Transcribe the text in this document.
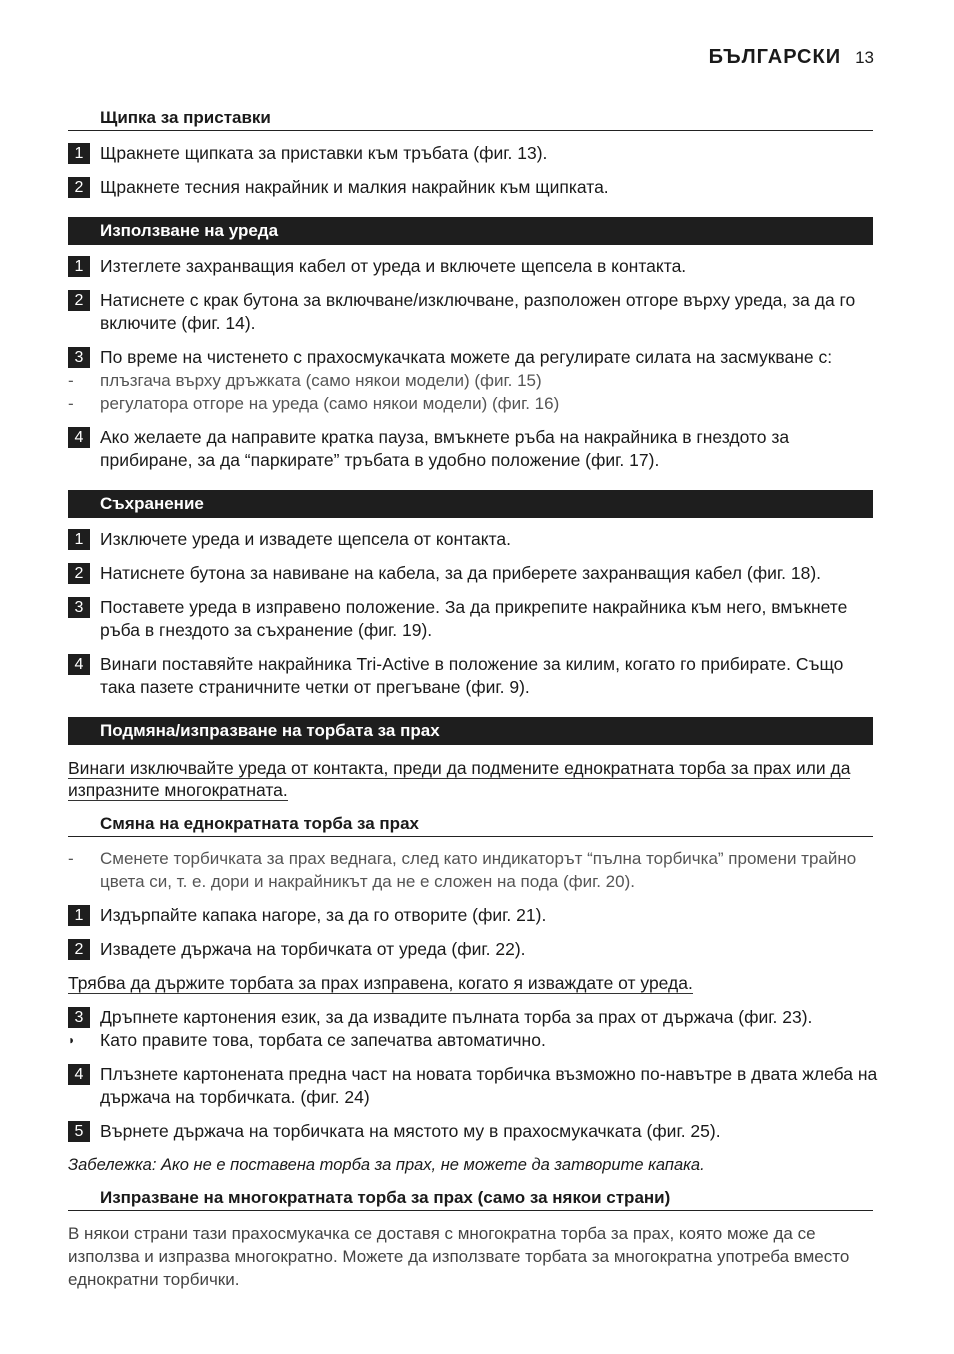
БЪЛГАРСКИ 13
Щипка за приставки
1 Щракнете щипката за приставки към тръбата (фиг. 13).
2 Щракнете тесния накрайник и малкия накрайник към щипката.
Използване на уреда
1 Изтеглете захранващия кабел от уреда и включете щепсела в контакта.
2 Натиснете с крак бутона за включване/изключване, разположен отгоре върху уреда, за да го включите (фиг. 14).
3 По време на чистенето с прахосмукачката можете да регулирате силата на засмукване с:
-	плъзгача върху дръжката (само някои модели) (фиг. 15)
-	регулатора отгоре на уреда (само някои модели) (фиг. 16)
4 Ако желаете да направите кратка пауза, вмъкнете ръба на накрайника в гнездото за прибиране, за да “паркирате” тръбата в удобно положение (фиг. 17).
Съхранение
1 Изключете уреда и извадете щепсела от контакта.
2 Натиснете бутона за навиване на кабела, за да приберете захранващия кабел (фиг. 18).
3 Поставете уреда в изправено положение. За да прикрепите накрайника към него, вмъкнете ръба в гнездото за съхранение (фиг. 19).
4 Винаги поставяйте накрайника Tri-Active в положение за килим, когато го прибирате. Също така пазете страничните четки от прегъване (фиг. 9).
Подмяна/изпразване на торбата за прах
Винаги изключвайте уреда от контакта, преди да подмените еднократната торба за прах или да изпразните многократната.
Смяна на еднократната торба за прах
-	Сменете торбичката за прах веднага, след като индикаторът “пълна торбичка” промени трайно цвета си, т. е. дори и накрайникът да не е сложен на пода (фиг. 20).
1 Издърпайте капака нагоре, за да го отворите (фиг. 21).
2 Извадете държача на торбичката от уреда (фиг. 22).
Трябва да държите торбата за прах изправена, когато я изваждате от уреда.
3 Дръпнете картонения език, за да извадите пълната торба за прах от държача (фиг. 23).
◗	Като правите това, торбата се запечатва автоматично.
4 Плъзнете картонената предна част на новата торбичка възможно по-навътре в двата жлеба на държача на торбичката. (фиг. 24)
5 Върнете държача на торбичката на мястото му в прахосмукачката (фиг. 25).
Забележка: Ако не е поставена торба за прах, не можете да затворите капака.
Изпразване на многократната торба за прах (само за някои страни)
В някои страни тази прахосмукачка се доставя с многократна торба за прах, която може да се използва и изпразва многократно. Можете да използвате торбата за многократна употреба вместо еднократни торбички.
